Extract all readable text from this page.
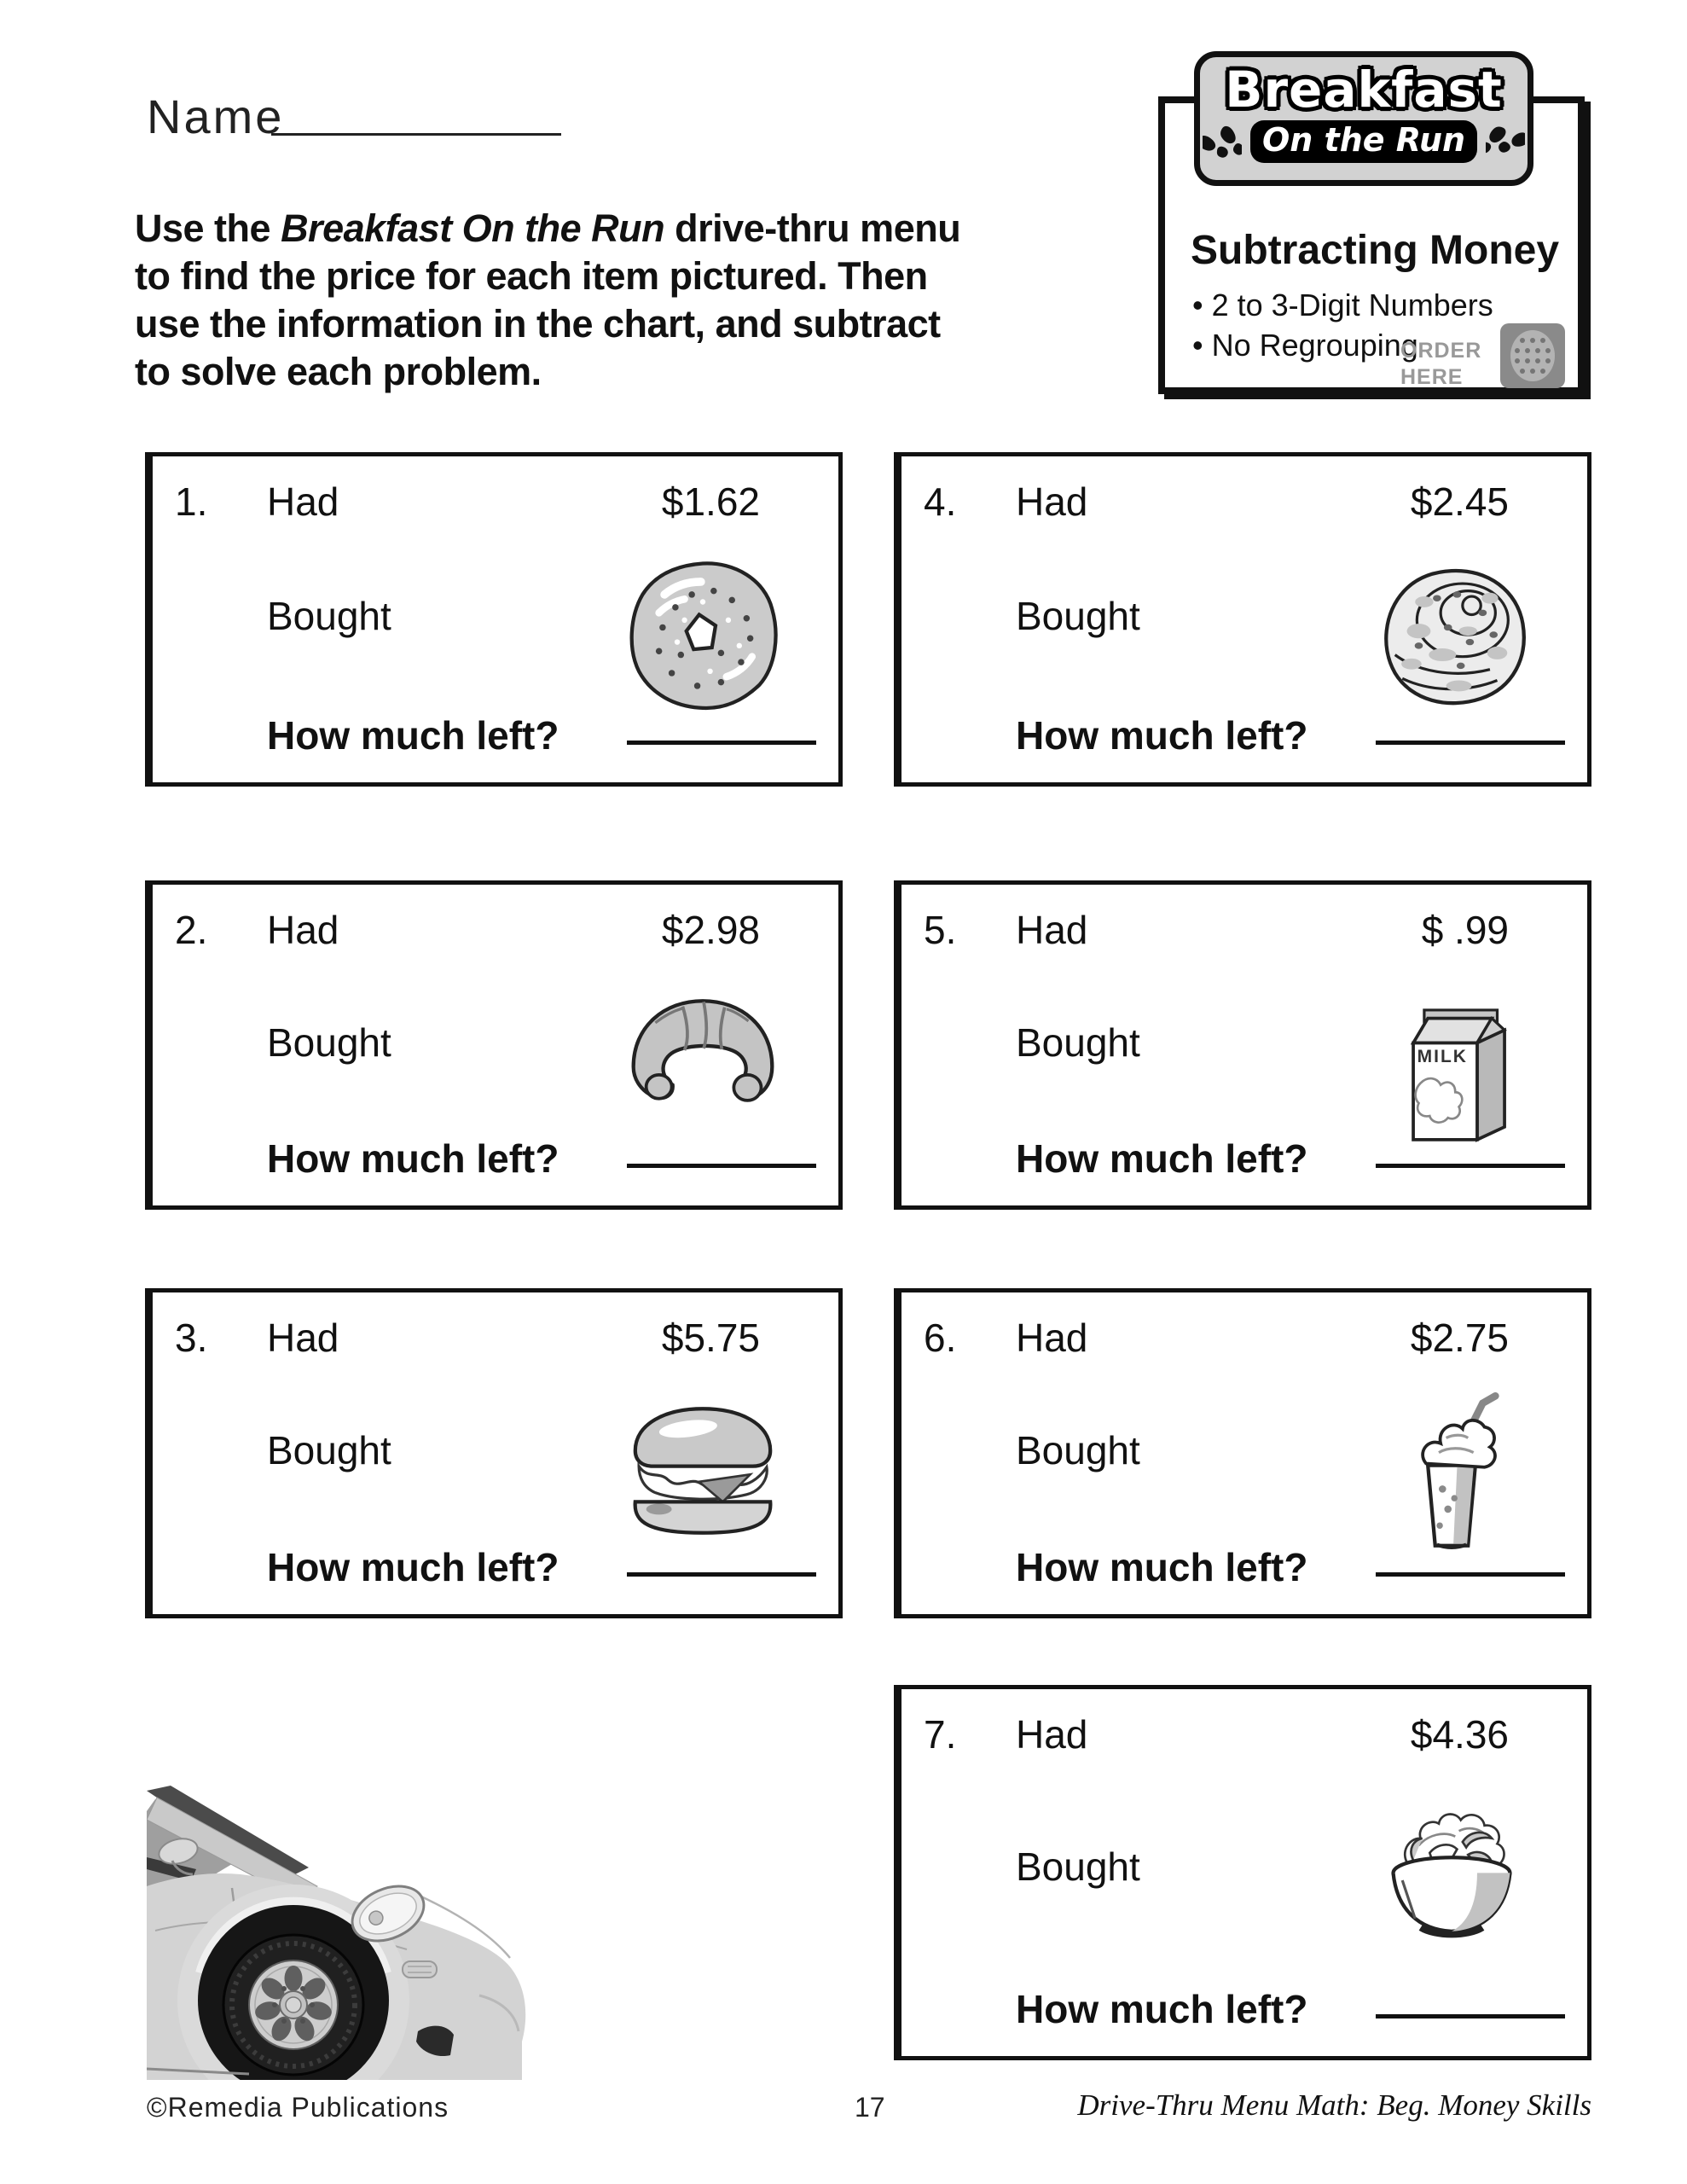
Name
Use the Breakfast On the Run drive-thru menu
to find the price for each item pictured. Then
use the information in the chart, and subtract
to solve each problem.
Breakfast
On the Run
Subtracting Money
• 2 to 3-Digit Numbers
• No Regrouping
ORDER
HERE
©Remedia Publications	17	Drive-Thru Menu Math: Beg. Money Skills
1. Had	$1.62
Bought
How much left?
2. Had	$2.98
Bought
How much left?
3. Had	$5.75
Bought
How much left?
4. Had	$2.45
Bought
How much left?
5. Had	$ .99
Bought	MILK
How much left?
6. Had	$2.75
Bought
How much left?
7. Had	$4.36
Bought
How much left?
